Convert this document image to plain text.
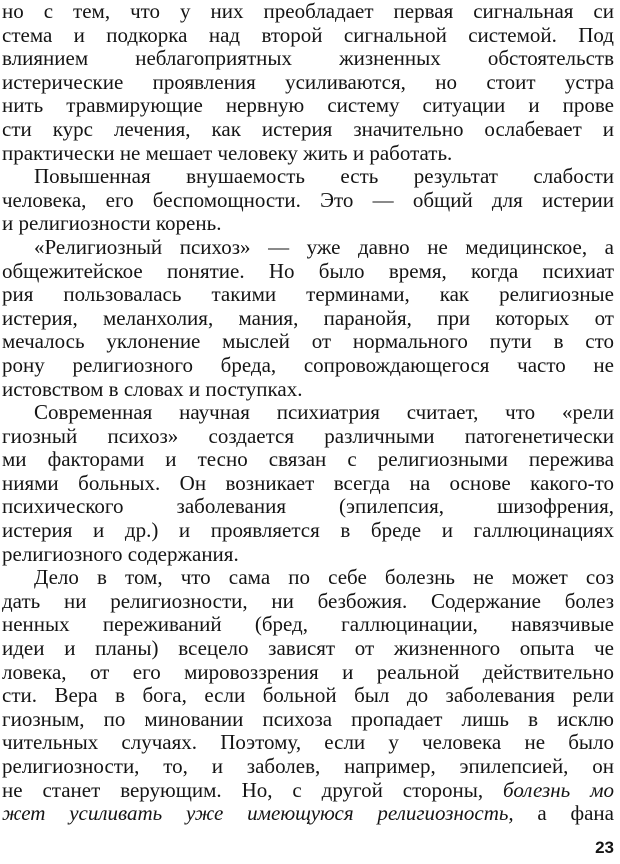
но с тем, что у них преобладает первая сигнальная си
стема и подкорка над второй сигнальной системой. Под
влиянием неблагоприятных жизненных обстоятельств
истерические проявления усиливаются, но стоит устра
нить травмирующие нервную систему ситуации и прове
сти курс лечения, как истерия значительно ослабевает и
практически не мешает человеку жить и работать.
Повышенная внушаемость есть результат слабости
человека, его беспомощности. Это — общий для истерии
и религиозности корень.
«Религиозный психоз» — уже давно не медицинское, а
общежитейское понятие. Но было время, когда психиат
рия пользовалась такими терминами, как религиозные
истерия, меланхолия, мания, паранойя, при которых от
мечалось уклонение мыслей от нормального пути в сто
рону религиозного бреда, сопровождающегося часто не
истовством в словах и поступках.
Современная научная психиатрия считает, что «рели
гиозный психоз» создается различными патогенетически
ми факторами и тесно связан с религиозными пережива
ниями больных. Он возникает всегда на основе какого-то
психического заболевания (эпилепсия, шизофрения,
истерия и др.) и проявляется в бреде и галлюцинациях
религиозного содержания.
Дело в том, что сама по себе болезнь не может соз
дать ни религиозности, ни безбожия. Содержание болез
ненных переживаний (бред, галлюцинации, навязчивые
идеи и планы) всецело зависят от жизненного опыта че
ловека, от его мировоззрения и реальной действительно
сти. Вера в бога, если больной был до заболевания рели
гиозным, по миновании психоза пропадает лишь в исклю
чительных случаях. Поэтому, если у человека не было
религиозности, то, и заболев, например, эпилепсией, он
не станет верующим. Но, с другой стороны, болезнь мо
жет усиливать уже имеющуюся религиозность, а фана
23
